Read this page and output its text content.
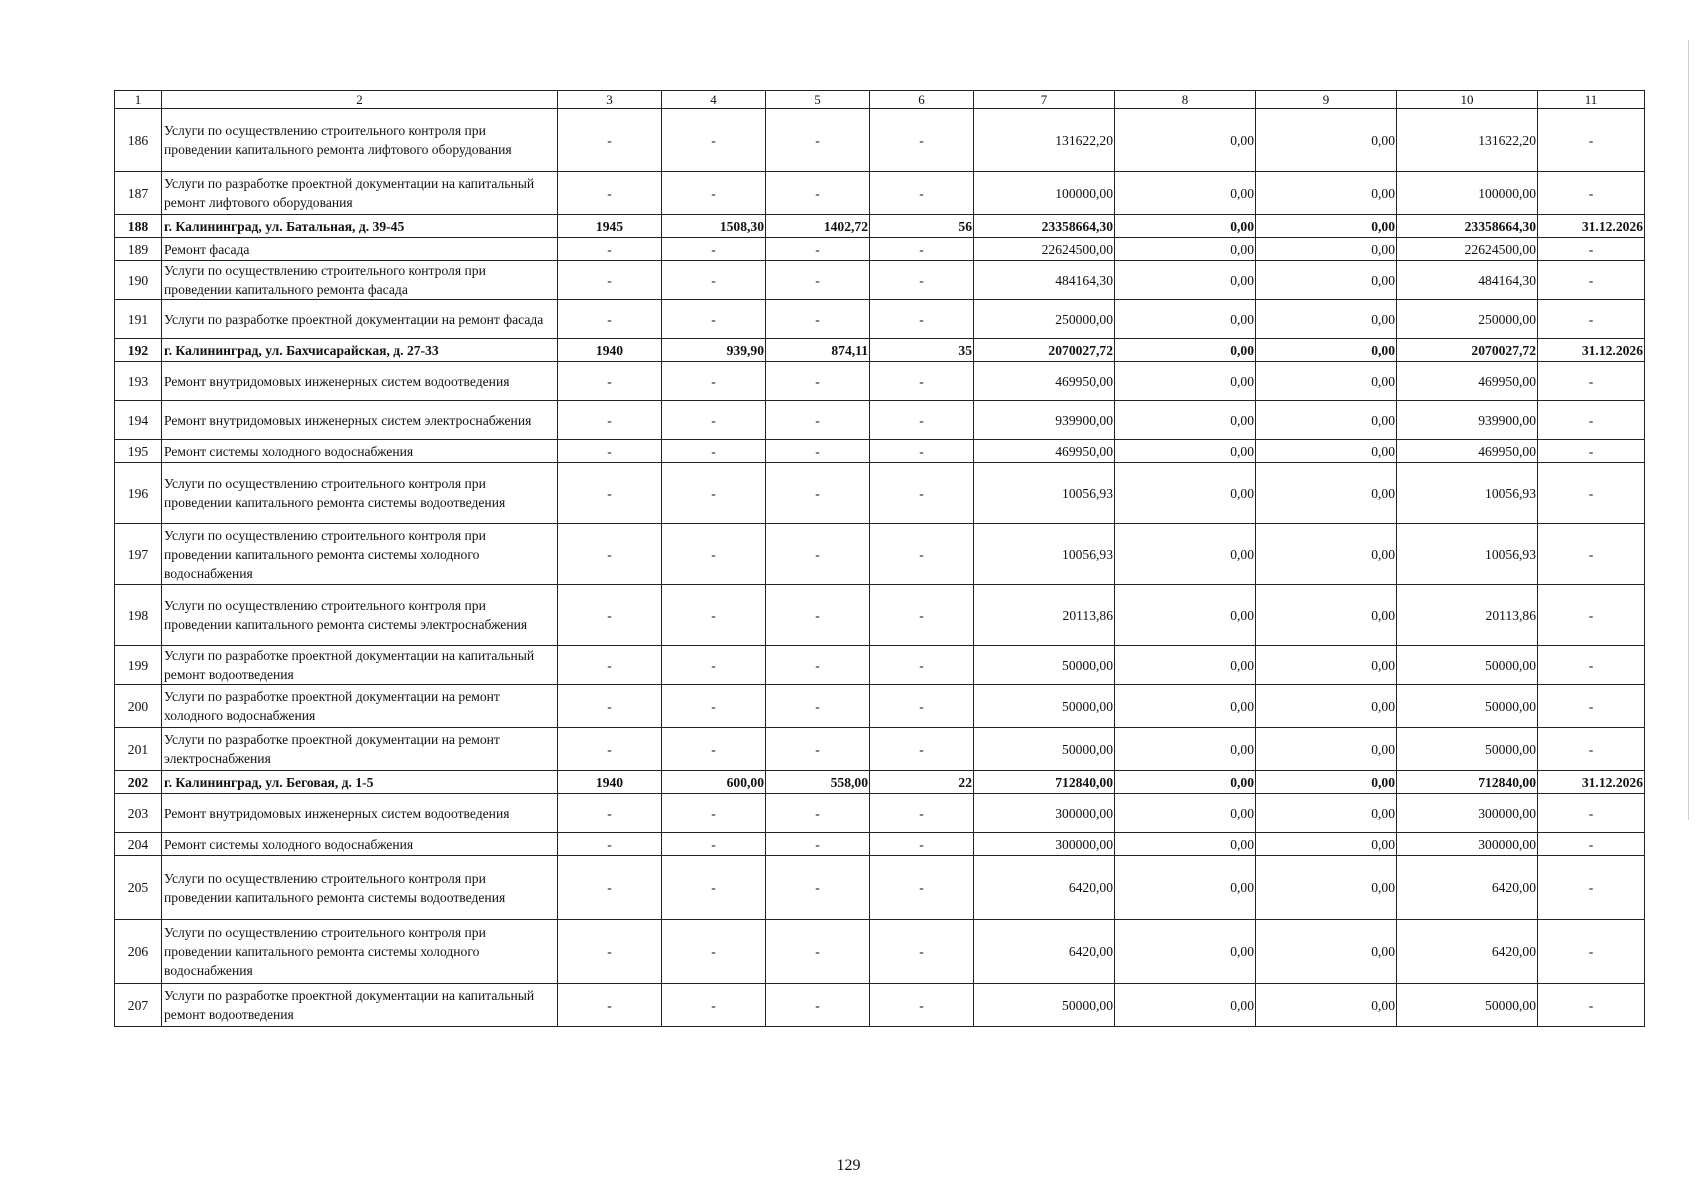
1	2	3	4	5	6	7	8	9	10	11
186	Услуги по осуществлению строительного контроля при проведении капитального ремонта лифтового оборудования	-	-	-	-	131622,20	0,00	0,00	131622,20	-
187	Услуги по разработке проектной документации на капитальный ремонт лифтового оборудования	-	-	-	-	100000,00	0,00	0,00	100000,00	-
188	г. Калининград, ул. Батальная, д. 39-45	1945	1508,30	1402,72	56	23358664,30	0,00	0,00	23358664,30	31.12.2026
189	Ремонт фасада	-	-	-	-	22624500,00	0,00	0,00	22624500,00	-
190	Услуги по осуществлению строительного контроля при проведении капитального ремонта фасада	-	-	-	-	484164,30	0,00	0,00	484164,30	-
191	Услуги по разработке проектной документации на ремонт фасада	-	-	-	-	250000,00	0,00	0,00	250000,00	-
192	г. Калининград, ул. Бахчисарайская, д. 27-33	1940	939,90	874,11	35	2070027,72	0,00	0,00	2070027,72	31.12.2026
193	Ремонт внутридомовых инженерных систем водоотведения	-	-	-	-	469950,00	0,00	0,00	469950,00	-
194	Ремонт внутридомовых инженерных систем электроснабжения	-	-	-	-	939900,00	0,00	0,00	939900,00	-
195	Ремонт системы холодного водоснабжения	-	-	-	-	469950,00	0,00	0,00	469950,00	-
196	Услуги по осуществлению строительного контроля при проведении капитального ремонта системы водоотведения	-	-	-	-	10056,93	0,00	0,00	10056,93	-
197	Услуги по осуществлению строительного контроля при проведении капитального ремонта системы холодного водоснабжения	-	-	-	-	10056,93	0,00	0,00	10056,93	-
198	Услуги по осуществлению строительного контроля при проведении капитального ремонта системы электроснабжения	-	-	-	-	20113,86	0,00	0,00	20113,86	-
199	Услуги по разработке проектной документации на капитальный ремонт водоотведения	-	-	-	-	50000,00	0,00	0,00	50000,00	-
200	Услуги по разработке проектной документации на ремонт холодного водоснабжения	-	-	-	-	50000,00	0,00	0,00	50000,00	-
201	Услуги по разработке проектной документации на ремонт электроснабжения	-	-	-	-	50000,00	0,00	0,00	50000,00	-
202	г. Калининград, ул. Беговая, д. 1-5	1940	600,00	558,00	22	712840,00	0,00	0,00	712840,00	31.12.2026
203	Ремонт внутридомовых инженерных систем водоотведения	-	-	-	-	300000,00	0,00	0,00	300000,00	-
204	Ремонт системы холодного водоснабжения	-	-	-	-	300000,00	0,00	0,00	300000,00	-
205	Услуги по осуществлению строительного контроля при проведении капитального ремонта системы водоотведения	-	-	-	-	6420,00	0,00	0,00	6420,00	-
206	Услуги по осуществлению строительного контроля при проведении капитального ремонта системы холодного водоснабжения	-	-	-	-	6420,00	0,00	0,00	6420,00	-
207	Услуги по разработке проектной документации на капитальный ремонт водоотведения	-	-	-	-	50000,00	0,00	0,00	50000,00	-
129
